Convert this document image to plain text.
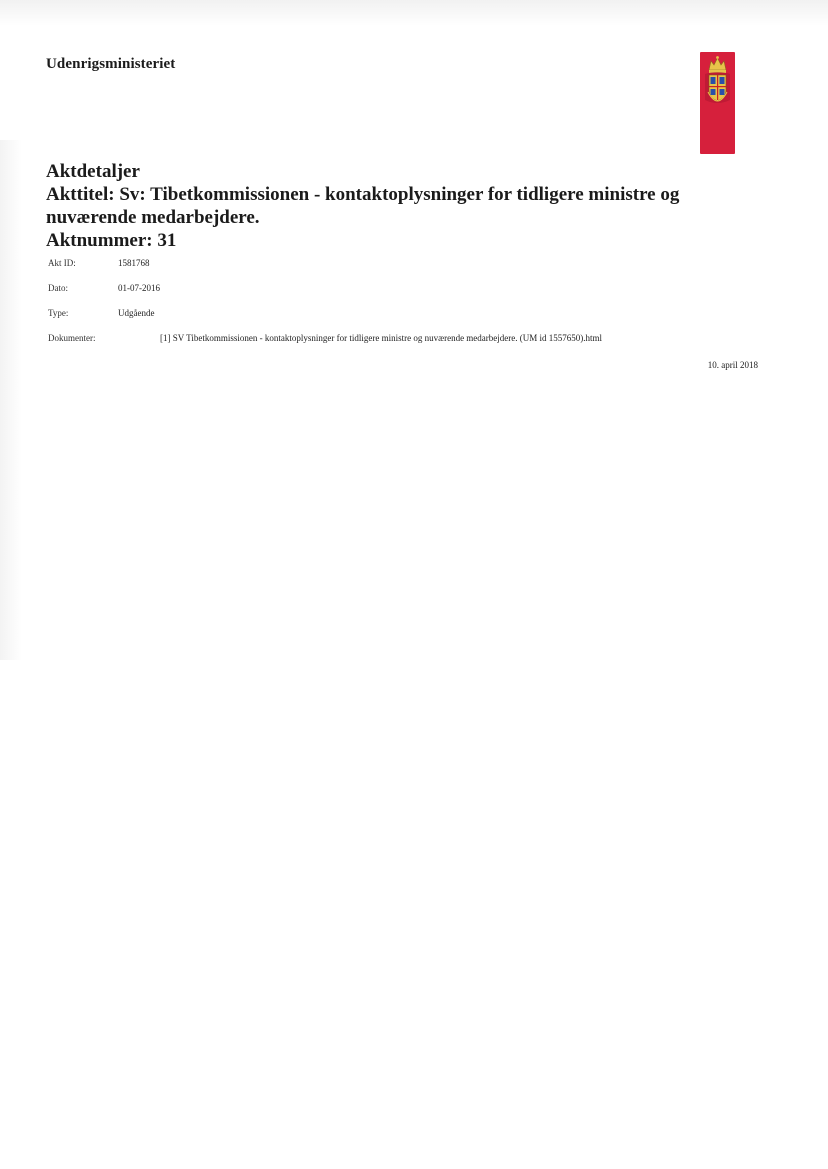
Udenrigsministeriet
Aktdetaljer
Akttitel: Sv: Tibetkommissionen - kontaktoplysninger for tidligere ministre og
nuværende medarbejdere.
Aktnummer: 31
Akt ID:	1581768
Dato:	01-07-2016
Type:	Udgående
Dokumenter:	[1] SV Tibetkommissionen - kontaktoplysninger for tidligere ministre og nuværende medarbejdere. (UM id 1557650).html
10. april 2018
